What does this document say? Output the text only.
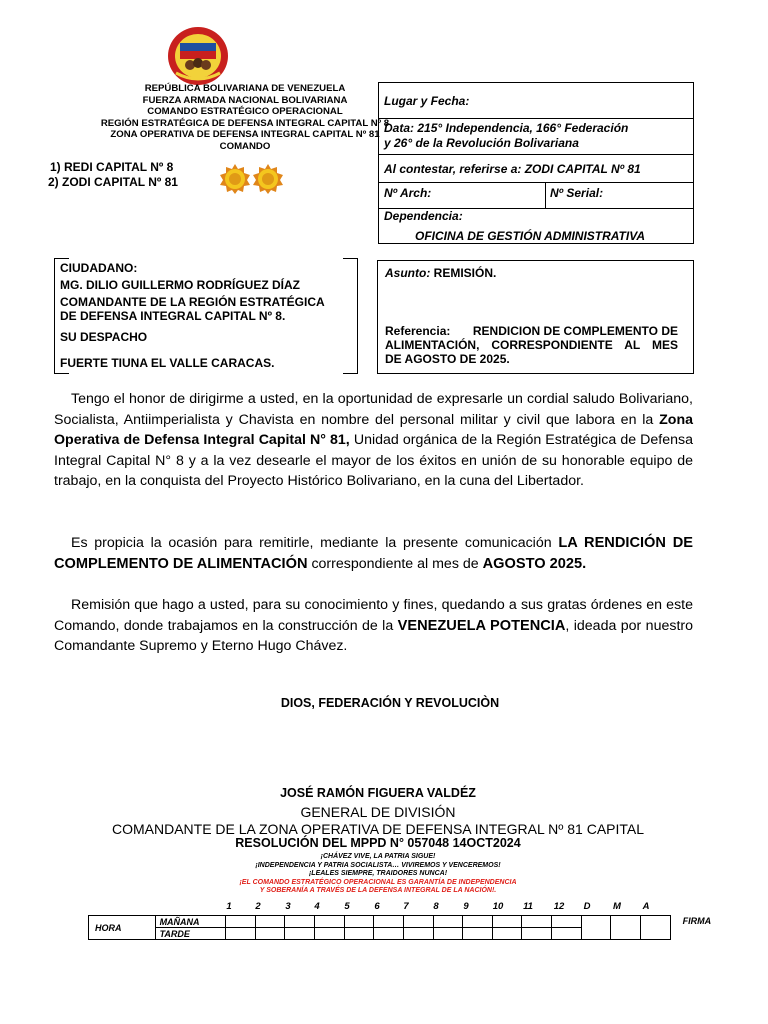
REPÚBLICA BOLIVARIANA DE VENEZUELA
FUERZA ARMADA NACIONAL BOLIVARIANA
COMANDO ESTRATÉGICO OPERACIONAL
REGIÓN ESTRATÉGICA DE DEFENSA INTEGRAL CAPITAL Nº 8
ZONA OPERATIVA DE DEFENSA INTEGRAL CAPITAL Nº 81
COMANDO
1) REDI CAPITAL Nº 8
2) ZODI CAPITAL Nº 81
Lugar y Fecha:
Data: 215° Independencia, 166° Federación
y 26° de la Revolución Bolivariana
Al contestar, referirse a: ZODI CAPITAL Nº 81
Nº Arch:	Nº Serial:
Dependencia:
OFICINA DE GESTIÓN ADMINISTRATIVA
CIUDADANO:
MG. DILIO GUILLERMO RODRÍGUEZ DÍAZ
COMANDANTE DE LA REGIÓN ESTRATÉGICA
DE DEFENSA INTEGRAL CAPITAL Nº 8.
SU DESPACHO
FUERTE TIUNA EL VALLE CARACAS.
Asunto: REMISIÓN.
Referencia: RENDICION DE COMPLEMENTO DE
ALIMENTACIÓN, CORRESPONDIENTE AL MES
DE AGOSTO DE 2025.
Tengo el honor de dirigirme a usted, en la oportunidad de expresarle un cordial saludo Bolivariano, Socialista, Antiimperialista y Chavista en nombre del personal militar y civil que labora en la Zona Operativa de Defensa Integral Capital N° 81, Unidad orgánica de la Región Estratégica de Defensa Integral Capital N° 8 y a la vez desearle el mayor de los éxitos en unión de su honorable equipo de trabajo, en la conquista del Proyecto Histórico Bolivariano, en la cuna del Libertador.
Es propicia la ocasión para remitirle, mediante la presente comunicación LA RENDICIÓN DE COMPLEMENTO DE ALIMENTACIÓN correspondiente al mes de AGOSTO 2025.
Remisión que hago a usted, para su conocimiento y fines, quedando a sus gratas órdenes en este Comando, donde trabajamos en la construcción de la VENEZUELA POTENCIA, ideada por nuestro Comandante Supremo y Eterno Hugo Chávez.
DIOS, FEDERACIÓN Y REVOLUCIÒN
JOSÉ RAMÓN FIGUERA VALDÉZ
GENERAL DE DIVISIÓN
COMANDANTE DE LA ZONA OPERATIVA DE DEFENSA INTEGRAL Nº 81 CAPITAL
RESOLUCIÓN DEL MPPD N° 057048 14OCT2024
¡CHÁVEZ VIVE, LA PATRIA SIGUE!
¡INDEPENDENCIA Y PATRIA SOCIALISTA… VIVIREMOS Y VENCEREMOS!
¡LEALES SIEMPRE, TRAIDORES NUNCA!
¡EL COMANDO ESTRATÉGICO OPERACIONAL ES GARANTÍA DE INDEPENDENCIA
Y SOBERANÍA A TRAVÉS DE LA DEFENSA INTEGRAL DE LA NACIÓN!.
1	2	3	4	5	6	7	8	9	10	11	12	D	M	A
HORA	MAÑANA																FIRMA
	TARDE																
